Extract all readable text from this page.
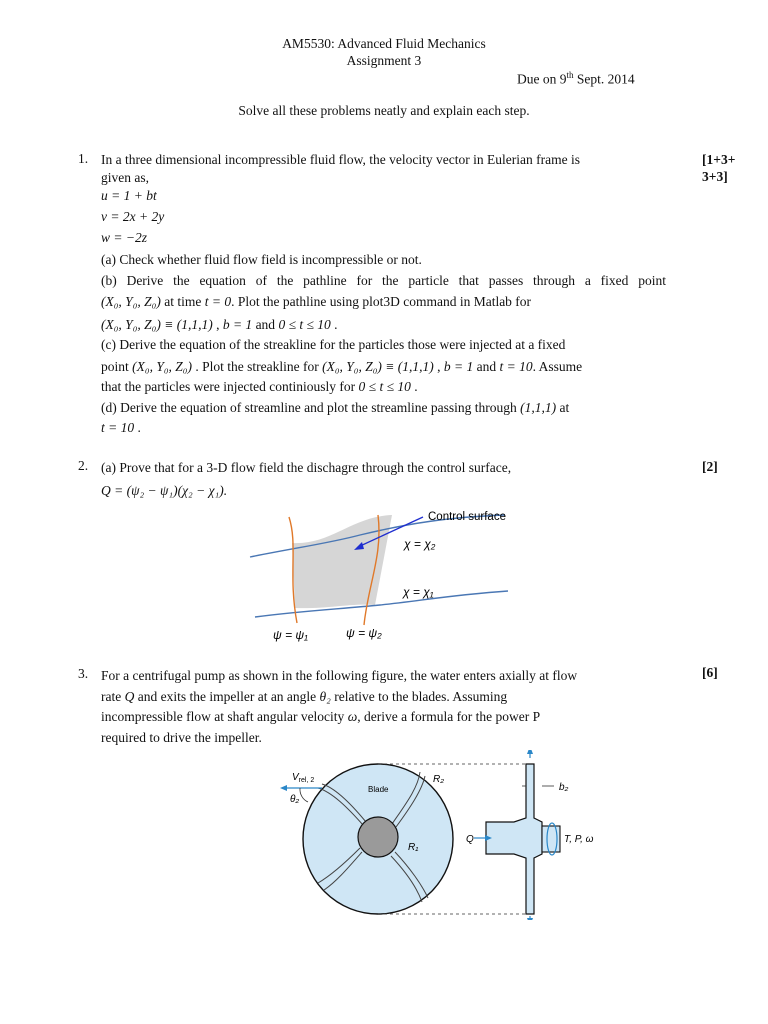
AM5530: Advanced Fluid Mechanics
Assignment 3
Due on 9th Sept. 2014
Solve all these problems neatly and explain each step.
1.	[1+3+
3+3]
In a three dimensional incompressible fluid flow, the velocity vector in Eulerian frame is
given as,
u = 1 + bt
v = 2x + 2y
w = −2z
(a) Check whether fluid flow field is incompressible or not.
(b) Derive the equation of the pathline for the particle that passes through a fixed point
(X₀, Y₀, Z₀) at time t = 0. Plot the pathline using plot3D command in Matlab for
(X₀, Y₀, Z₀) ≡ (1,1,1) , b = 1 and 0 ≤ t ≤ 10 .
(c) Derive the equation of the streakline for the particles those were injected at a fixed
point (X₀, Y₀, Z₀) . Plot the streakline for (X₀, Y₀, Z₀) ≡ (1,1,1) , b = 1 and t = 10. Assume
that the particles were injected continiously for 0 ≤ t ≤ 10 .
(d) Derive the equation of streamline and plot the streamline passing through (1,1,1) at
t = 10 .
2.	[2]
(a) Prove that for a 3-D flow field the dischagre through the control surface,
Q = (ψ₂ − ψ₁)(χ₂ − χ₁).
Control surface
χ = χ₂
χ = χ₁
ψ = ψ₁	ψ = ψ₂
3.	[6]
For a centrifugal pump as shown in the following figure, the water enters axially at flow
rate Q and exits the impeller at an angle θ₂ relative to the blades. Assuming
incompressible flow at shaft angular velocity ω, derive a formula for the power P
required to drive the impeller.
$V_{rel, 2}$
θ₂
Blade
R₂
R₁
Q	T, P, ω
b₂
